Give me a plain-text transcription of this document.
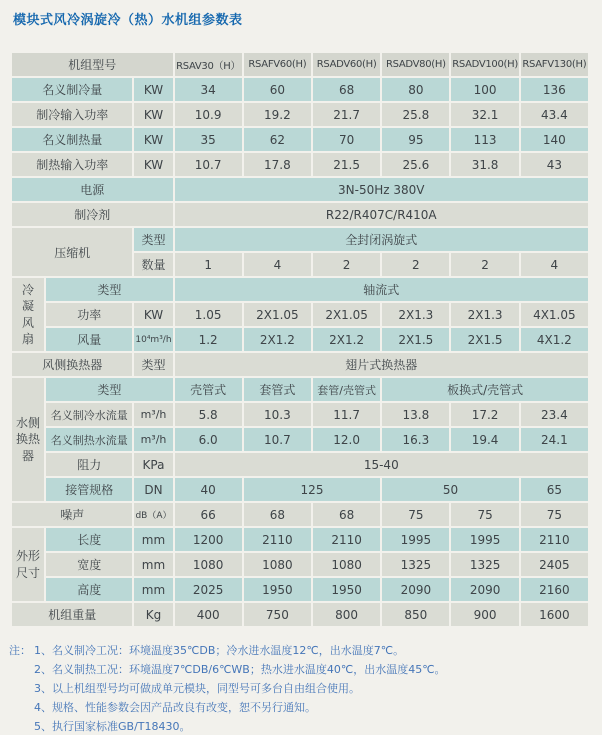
模块式风冷涡旋冷（热）水机组参数表
机组型号			RSAV30（H）	RSAFV60(H)	RSADV60(H)	RSADV80(H)	RSADV100(H)	RSAFV130(H)
名义制冷量		KW	34	60	68	80	100	136
制冷输入功率		KW	10.9	19.2	21.7	25.8	32.1	43.4
名义制热量		KW	35	62	70	95	113	140
制热输入功率		KW	10.7	17.8	21.5	25.6	31.8	43
电源			3N-50Hz 380V					
制冷剂			R22/R407C/R410A					
压缩机		类型	全封闭涡旋式					
		数量	1	4	2	2	2	4
冷凝风扇	类型		轴流式					
	功率	KW	1.05	2X1.05	2X1.05	2X1.3	2X1.3	4X1.05
	风量	10⁴m³/h	1.2	2X1.2	2X1.2	2X1.5	2X1.5	4X1.2
风侧换热器		类型	翅片式换热器					
水侧换热器	类型		壳管式	套管式	套管/壳管式	板换式/壳管式		
	名义制冷水流量	m³/h	5.8	10.3	11.7	13.8	17.2	23.4
	名义制热水流量	m³/h	6.0	10.7	12.0	16.3	19.4	24.1
	阻力	KPa	15-40					
	接管规格	DN	40	125		50		65
噪声		dB（A）	66	68	68	75	75	75
外形尺寸	长度	mm	1200	2110	2110	1995	1995	2110
	宽度	mm	1080	1080	1080	1325	1325	2405
	高度	mm	2025	1950	1950	2090	2090	2160
机组重量		Kg	400	750	800	850	900	1600
注： 1、名义制冷工况：环境温度35℃DB；冷水进水温度12℃，出水温度7℃。
2、名义制热工况：环境温度7℃DB/6℃WB；热水进水温度40℃，出水温度45℃。
3、以上机组型号均可做成单元模块，同型号可多台自由组合使用。
4、规格、性能参数会因产品改良有改变，恕不另行通知。
5、执行国家标准GB/T18430。
